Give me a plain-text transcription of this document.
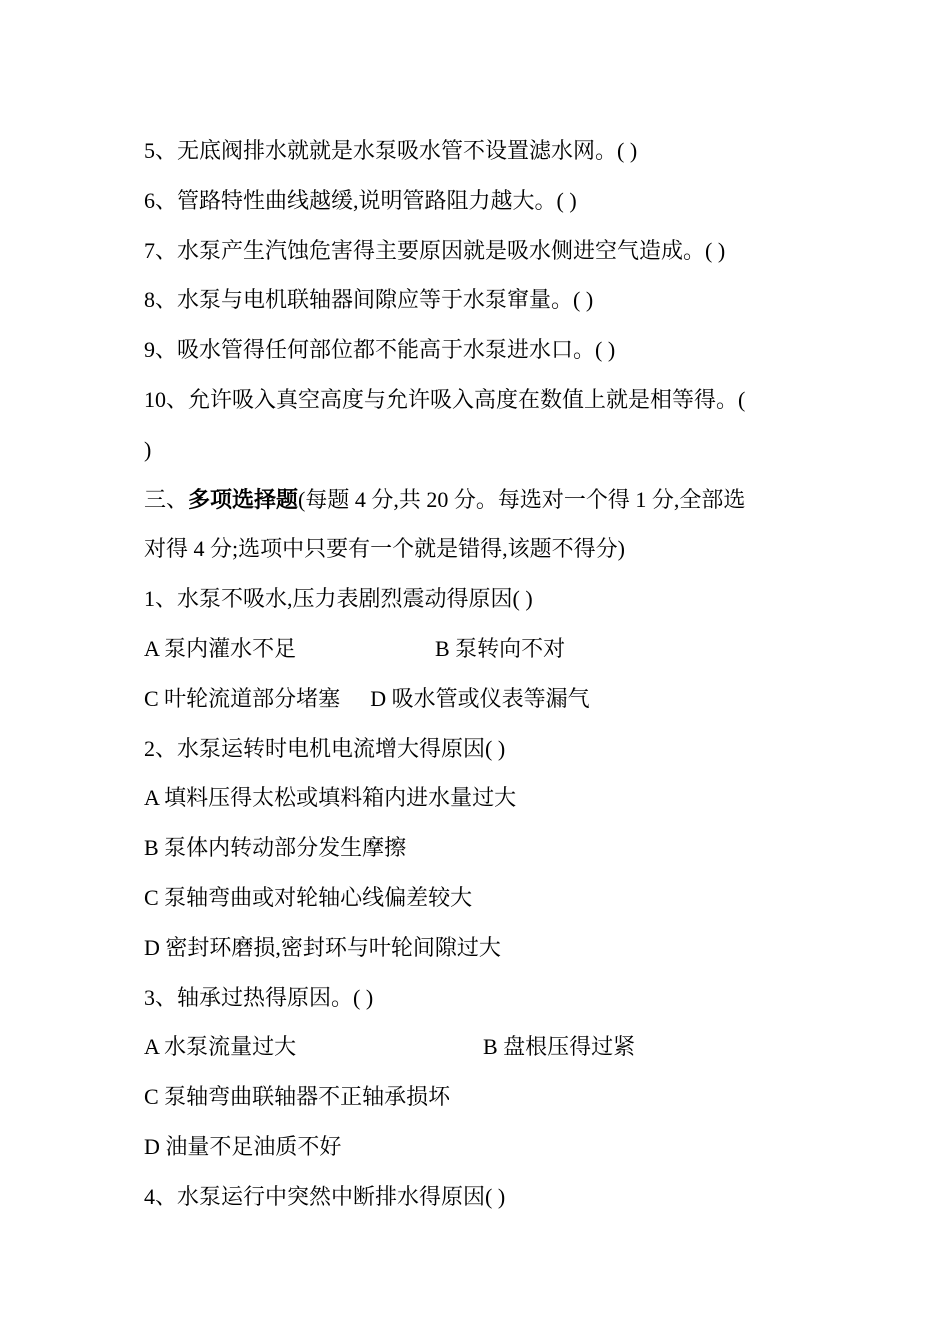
5、无底阀排水就就是水泵吸水管不设置滤水网。( )
6、管路特性曲线越缓,说明管路阻力越大。( )
7、水泵产生汽蚀危害得主要原因就是吸水侧进空气造成。( )
8、水泵与电机联轴器间隙应等于水泵窜量。( )
9、吸水管得任何部位都不能高于水泵进水口。( )
10、允许吸入真空高度与允许吸入高度在数值上就是相等得。(
)
三、多项选择题(每题 4 分,共 20 分。每选对一个得 1 分,全部选
对得 4 分;选项中只要有一个就是错得,该题不得分)
1、水泵不吸水,压力表剧烈震动得原因( )
A 泵内灌水不足	B 泵转向不对
C 叶轮流道部分堵塞 D 吸水管或仪表等漏气
2、水泵运转时电机电流增大得原因( )
A 填料压得太松或填料箱内进水量过大
B 泵体内转动部分发生摩擦
C 泵轴弯曲或对轮轴心线偏差较大
D 密封环磨损,密封环与叶轮间隙过大
3、轴承过热得原因。( )
A 水泵流量过大	B 盘根压得过紧
C 泵轴弯曲联轴器不正轴承损坏
D 油量不足油质不好
4、水泵运行中突然中断排水得原因( )
